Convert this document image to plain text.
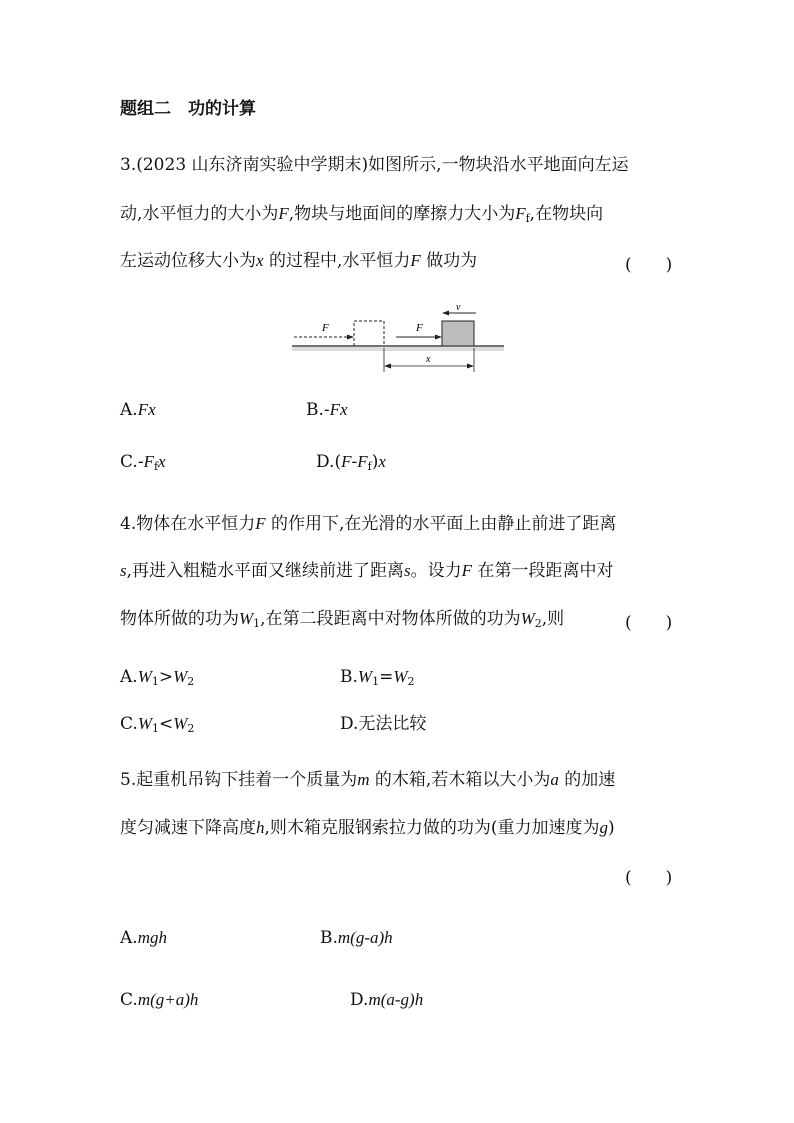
题组二　功的计算
3.(2023 山东济南实验中学期末)如图所示,一物块沿水平地面向左运
动,水平恒力的大小为F,物块与地面间的摩擦力大小为$F_f$,在物块向
左运动位移大小为x 的过程中,水平恒力F 做功为	(　　)
F	F
v
x
A.Fx	B.-Fx
$C.-F_fx$	$D.(F-F_f)x$
4.物体在水平恒力F 的作用下,在光滑的水平面上由静止前进了距离
s,再进入粗糙水平面又继续前进了距离s。设力F 在第一段距离中对
物体所做的功为$W_1$,在第二段距离中对物体所做的功为$W_2$,则	(　　)
$A.W_1>W_2$	$B.W_1=W_2$
$C.W_1<W_2$	D.无法比较
5.起重机吊钩下挂着一个质量为m 的木箱,若木箱以大小为a 的加速
度匀减速下降高度h,则木箱克服钢索拉力做的功为(重力加速度为g)
(　　)
A.mgh	B.m(g-a)h
C.m(g+a)h	D.m(a-g)h
